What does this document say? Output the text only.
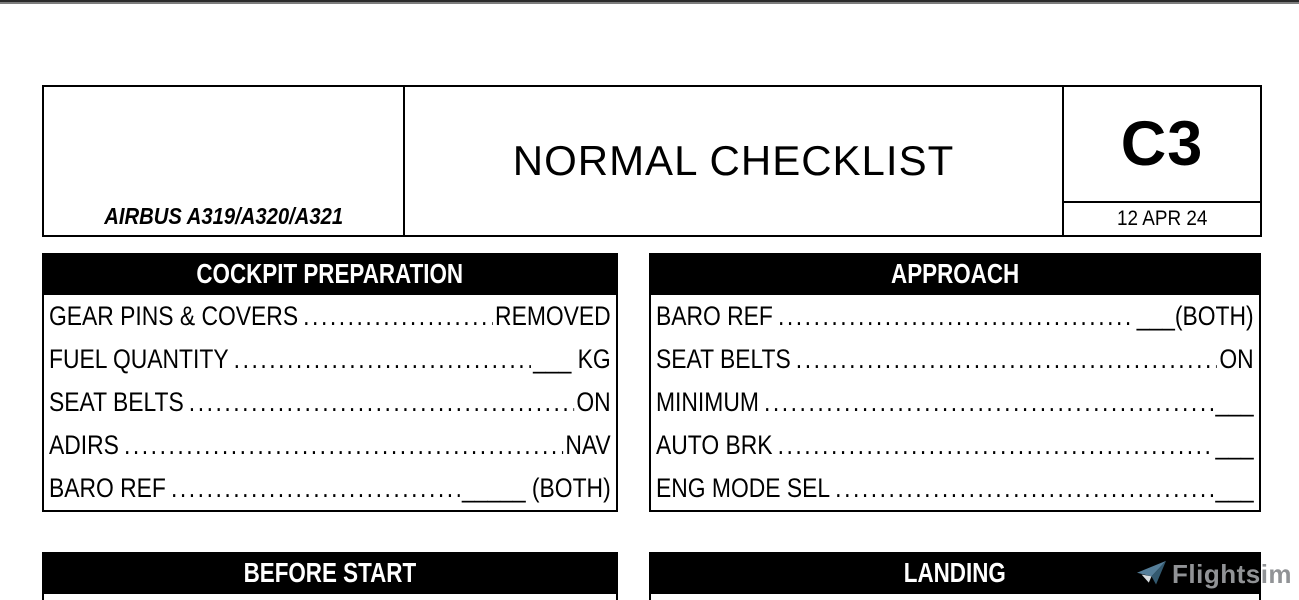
AIRBUS A319/A320/A321
NORMAL CHECKLIST	C3
12 APR 24
COCKPIT PREPARATION
GEAR PINS & COVERS .....	REMOVED
FUEL QUANTITY .....	___ KG
SEAT BELTS .....	ON
ADIRS .....	NAV
BARO REF .....	_____ (BOTH)
APPROACH
BARO REF .....	___(BOTH)
SEAT BELTS .....	ON
MINIMUM .....	___
AUTO BRK .....	___
ENG MODE SEL .....	___
BEFORE START	LANDING	Flightsim
